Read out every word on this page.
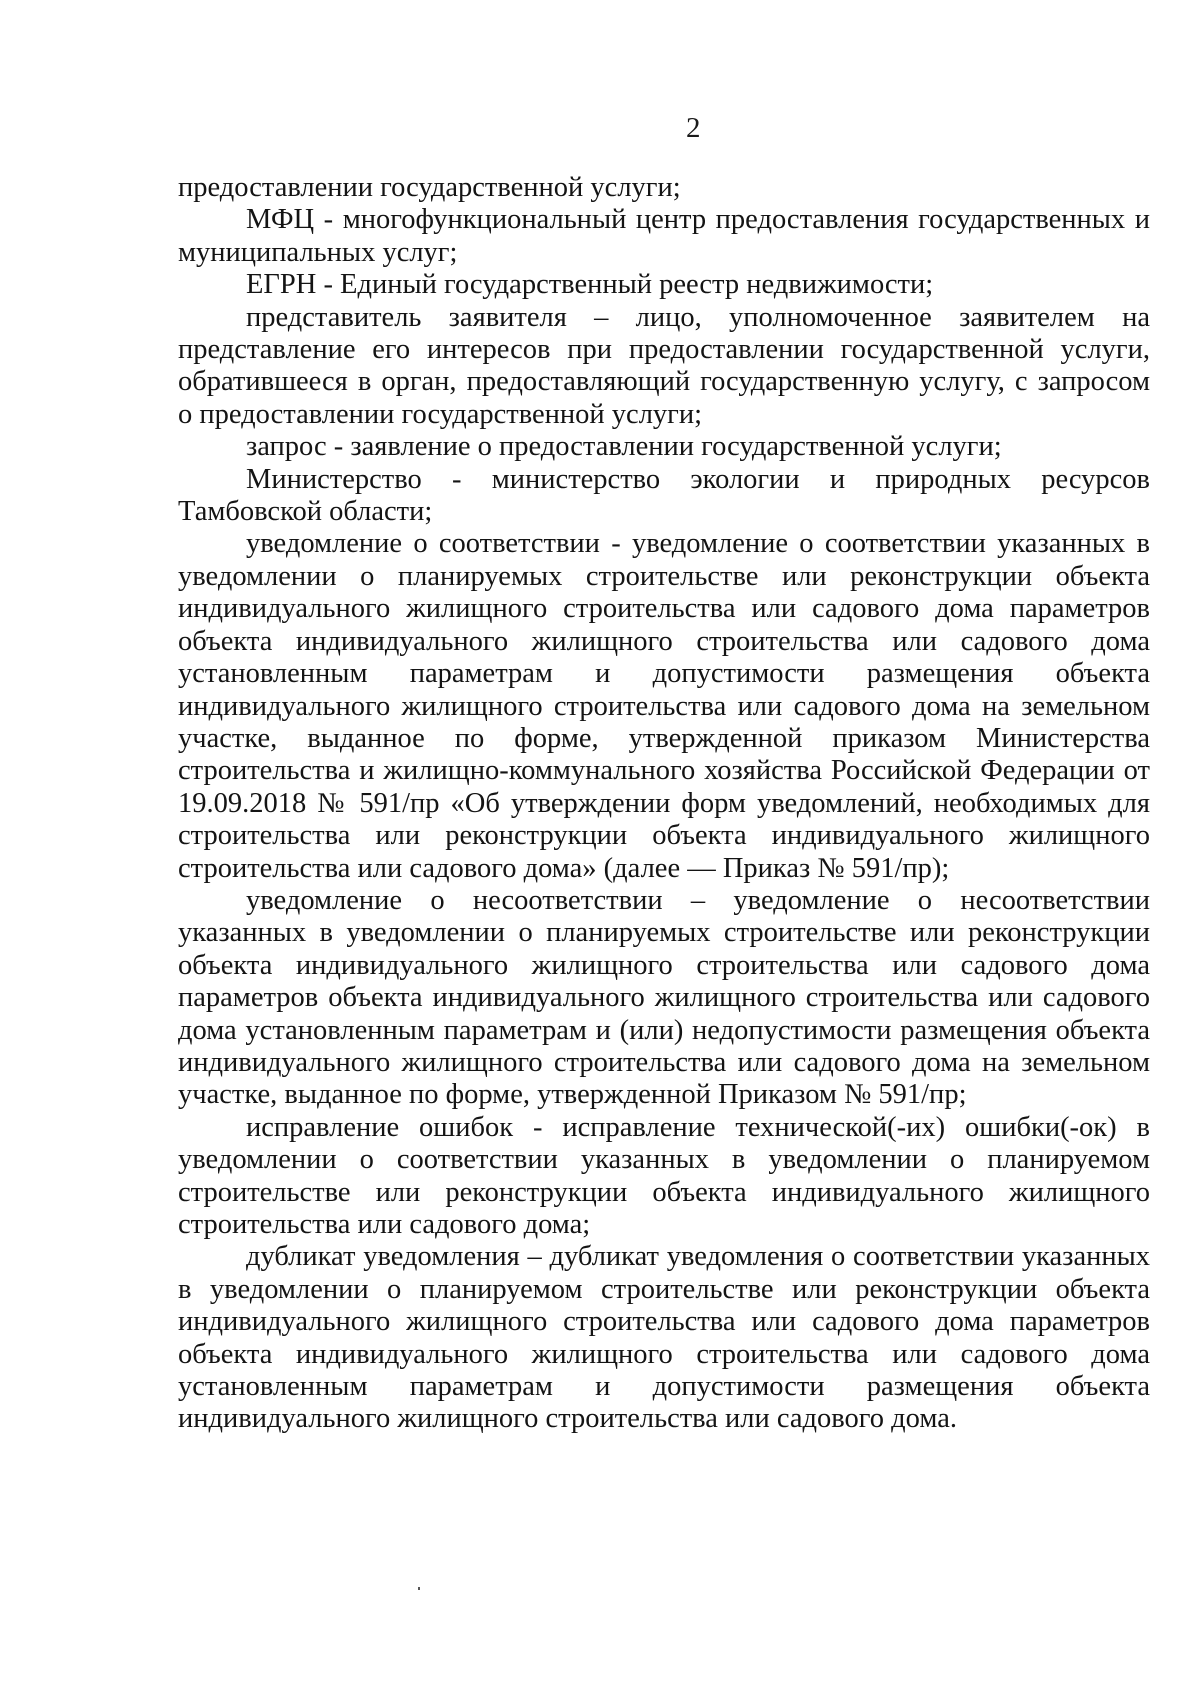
2

предоставлении государственной услуги;

МФЦ - многофункциональный центр предоставления государственных и муниципальных услуг;

ЕГРН - Единый государственный реестр недвижимости;

представитель заявителя – лицо, уполномоченное заявителем на представление его интересов при предоставлении государственной услуги, обратившееся в орган, предоставляющий государственную услугу, с запросом о предоставлении государственной услуги;

запрос - заявление о предоставлении государственной услуги;

Министерство - министерство экологии и природных ресурсов Тамбовской области;

уведомление о соответствии - уведомление о соответствии указанных в уведомлении о планируемых строительстве или реконструкции объекта индивидуального жилищного строительства или садового дома параметров объекта индивидуального жилищного строительства или садового дома установленным параметрам и допустимости размещения объекта индивидуального жилищного строительства или садового дома на земельном участке, выданное по форме, утвержденной приказом Министерства строительства и жилищно-коммунального хозяйства Российской Федерации от 19.09.2018 № 591/пр «Об утверждении форм уведомлений, необходимых для строительства или реконструкции объекта индивидуального жилищного строительства или садового дома» (далее — Приказ № 591/пр);

уведомление о несоответствии – уведомление о несоответствии указанных в уведомлении о планируемых строительстве или реконструкции объекта индивидуального жилищного строительства или садового дома параметров объекта индивидуального жилищного строительства или садового дома установленным параметрам и (или) недопустимости размещения объекта индивидуального жилищного строительства или садового дома на земельном участке, выданное по форме, утвержденной Приказом № 591/пр;

исправление ошибок - исправление технической(-их) ошибки(-ок) в уведомлении о соответствии указанных в уведомлении о планируемом строительстве или реконструкции объекта индивидуального жилищного строительства или садового дома;

дубликат уведомления – дубликат уведомления о соответствии указанных в уведомлении о планируемом строительстве или реконструкции объекта индивидуального жилищного строительства или садового дома параметров объекта индивидуального жилищного строительства или садового дома установленным параметрам и допустимости размещения объекта индивидуального жилищного строительства или садового дома.
